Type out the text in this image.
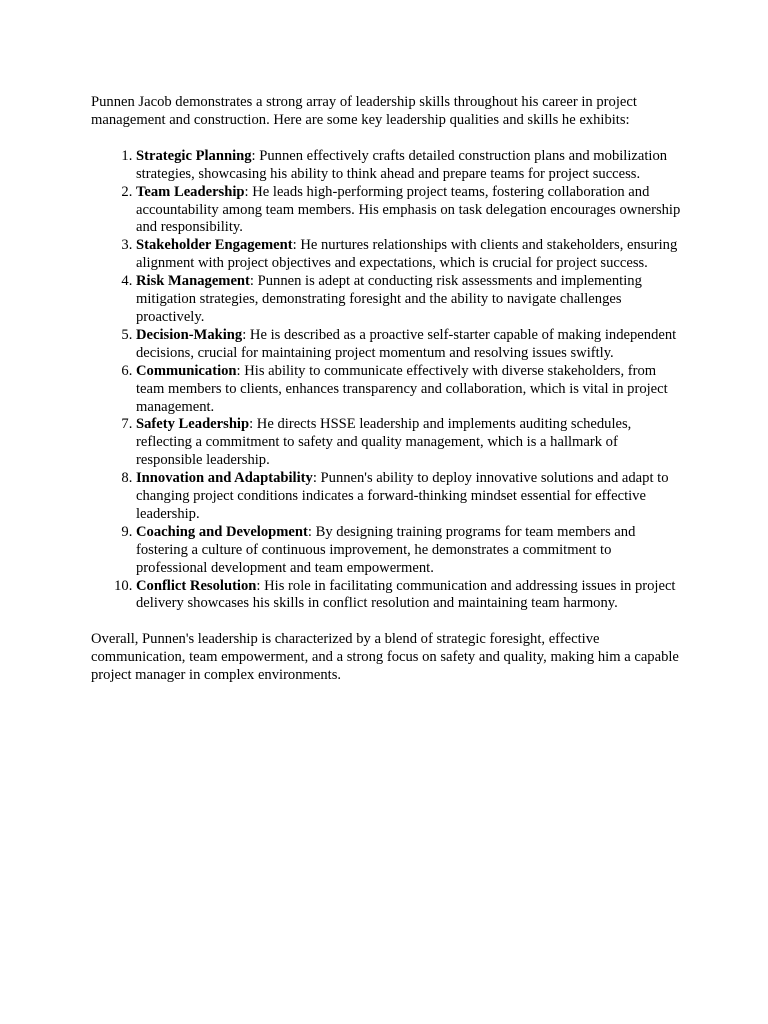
Punnen Jacob demonstrates a strong array of leadership skills throughout his career in project management and construction. Here are some key leadership qualities and skills he exhibits:

1. Strategic Planning: Punnen effectively crafts detailed construction plans and mobilization strategies, showcasing his ability to think ahead and prepare teams for project success.
2. Team Leadership: He leads high-performing project teams, fostering collaboration and accountability among team members. His emphasis on task delegation encourages ownership and responsibility.
3. Stakeholder Engagement: He nurtures relationships with clients and stakeholders, ensuring alignment with project objectives and expectations, which is crucial for project success.
4. Risk Management: Punnen is adept at conducting risk assessments and implementing mitigation strategies, demonstrating foresight and the ability to navigate challenges proactively.
5. Decision-Making: He is described as a proactive self-starter capable of making independent decisions, crucial for maintaining project momentum and resolving issues swiftly.
6. Communication: His ability to communicate effectively with diverse stakeholders, from team members to clients, enhances transparency and collaboration, which is vital in project management.
7. Safety Leadership: He directs HSSE leadership and implements auditing schedules, reflecting a commitment to safety and quality management, which is a hallmark of responsible leadership.
8. Innovation and Adaptability: Punnen's ability to deploy innovative solutions and adapt to changing project conditions indicates a forward-thinking mindset essential for effective leadership.
9. Coaching and Development: By designing training programs for team members and fostering a culture of continuous improvement, he demonstrates a commitment to professional development and team empowerment.
10. Conflict Resolution: His role in facilitating communication and addressing issues in project delivery showcases his skills in conflict resolution and maintaining team harmony.

Overall, Punnen's leadership is characterized by a blend of strategic foresight, effective communication, team empowerment, and a strong focus on safety and quality, making him a capable project manager in complex environments.
